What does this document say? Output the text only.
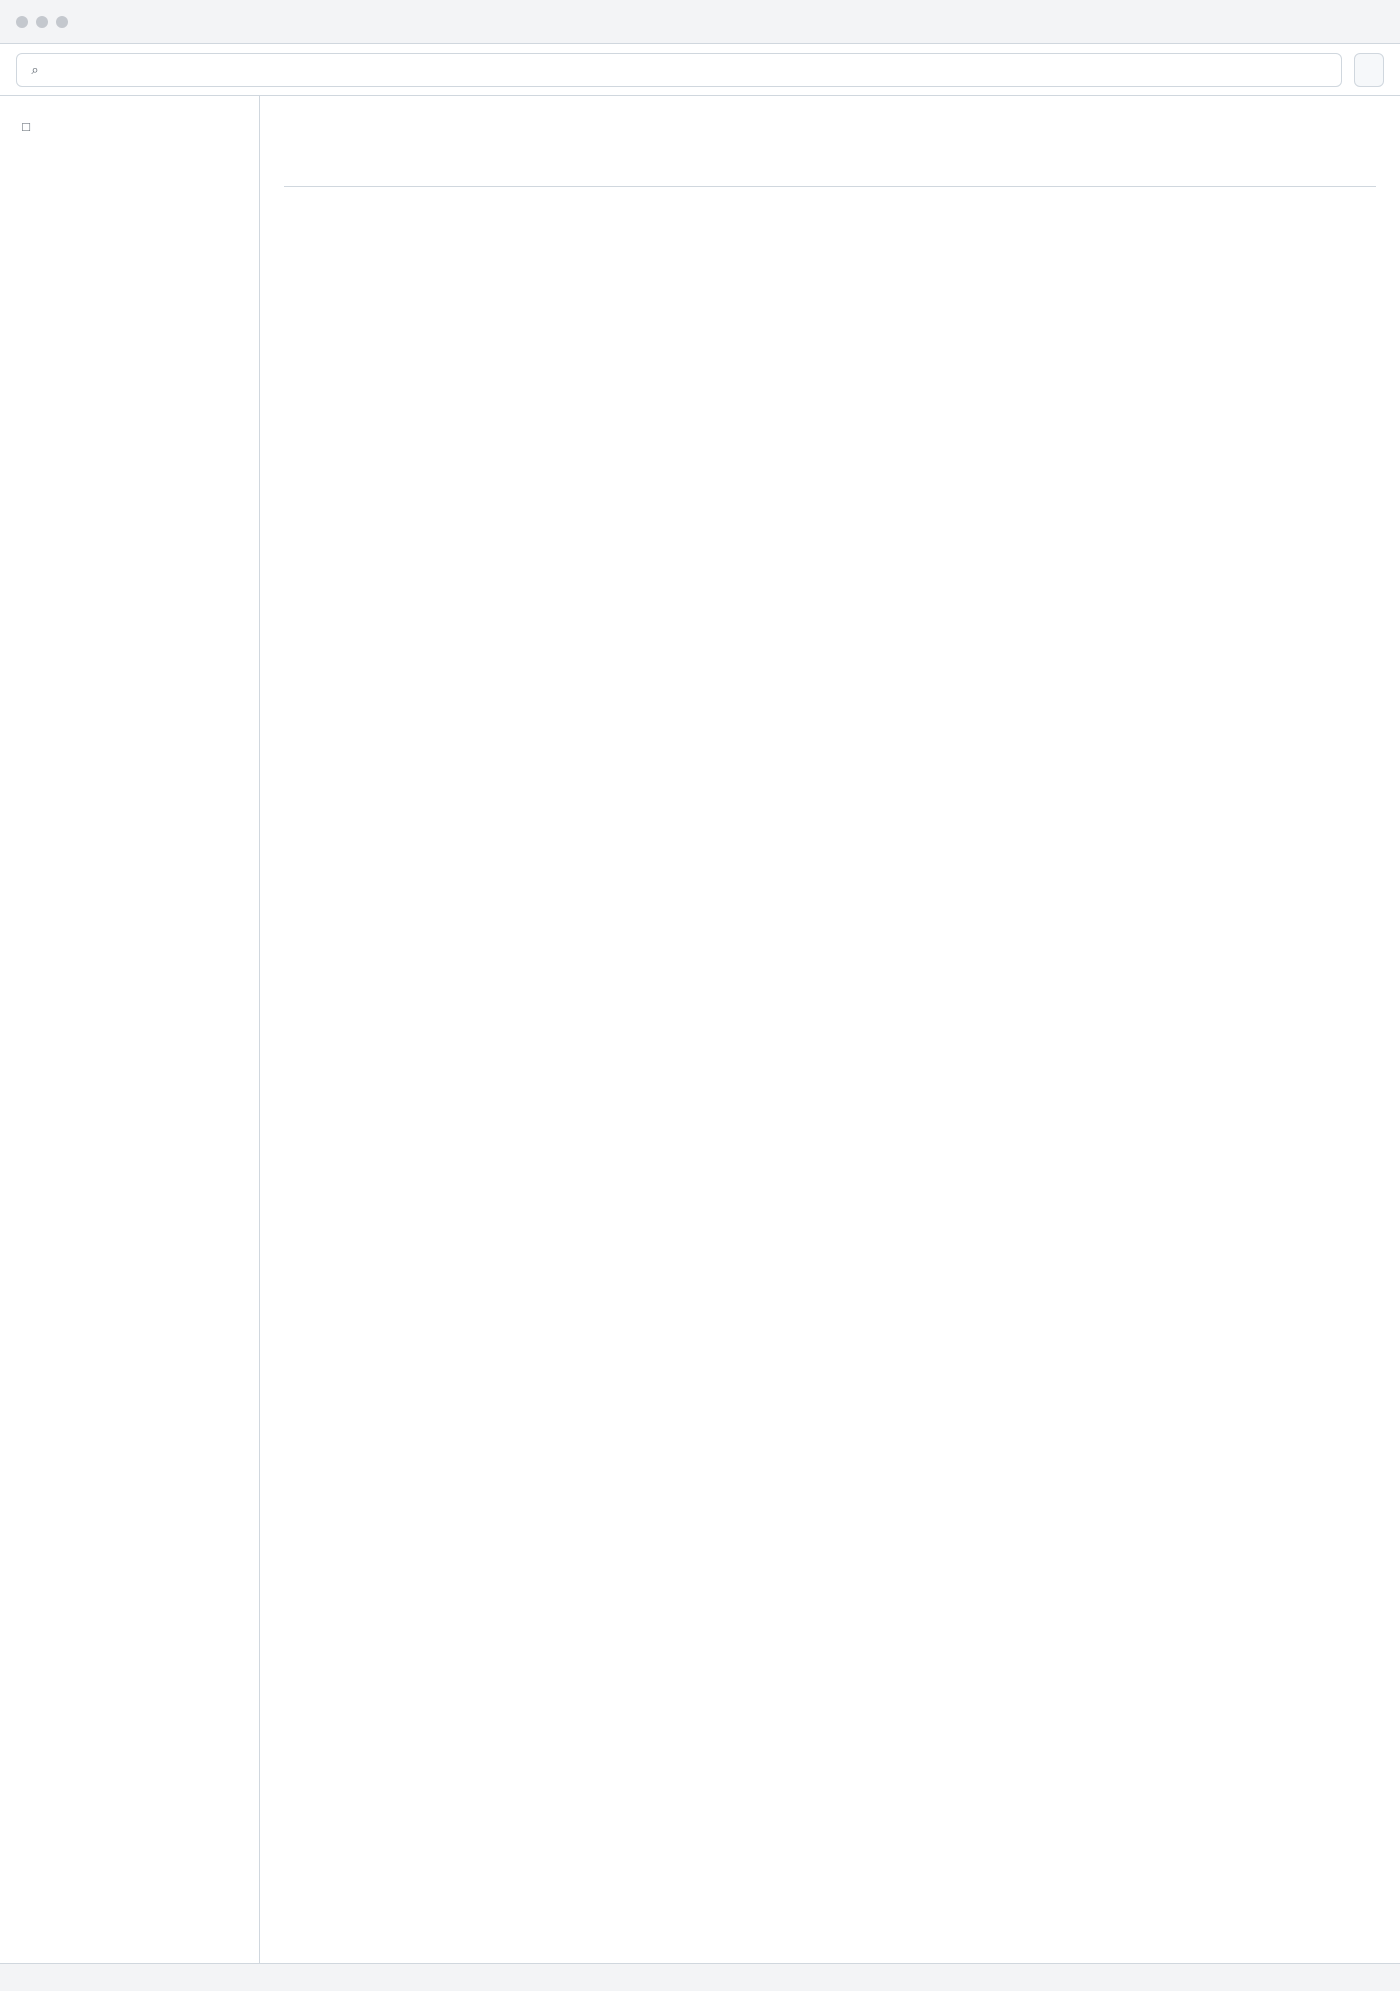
⌕
□
